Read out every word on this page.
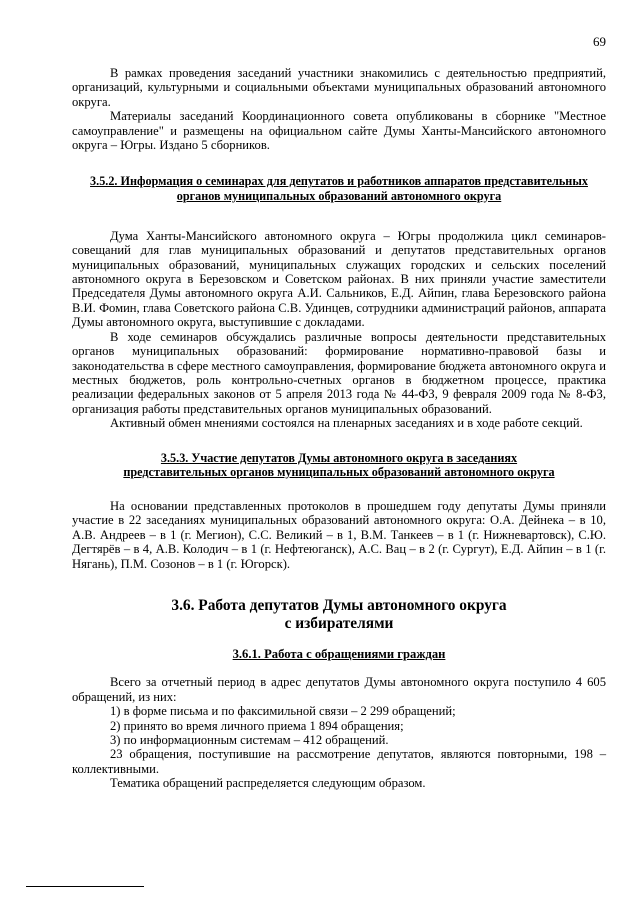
69

В рамках проведения заседаний участники знакомились с деятельностью предприятий, организаций, культурными и социальными объектами муниципальных образований автономного округа.

Материалы заседаний Координационного совета опубликованы в сборнике "Местное самоуправление" и размещены на официальном сайте Думы Ханты-Мансийского автономного округа – Югры. Издано 5 сборников.

3.5.2. Информация о семинарах для депутатов и работников аппаратов представительных
органов муниципальных образований автономного округа

Дума Ханты-Мансийского автономного округа – Югры продолжила цикл семинаров-совещаний для глав муниципальных образований и депутатов представительных органов муниципальных образований, муниципальных служащих городских и сельских поселений автономного округа в Березовском и Советском районах. В них приняли участие заместители Председателя Думы автономного округа А.И. Сальников, Е.Д. Айпин, глава Березовского района В.И. Фомин, глава Советского района С.В. Удинцев, сотрудники администраций районов, аппарата Думы автономного округа, выступившие с докладами.

В ходе семинаров обсуждались различные вопросы деятельности представительных органов муниципальных образований: формирование нормативно-правовой базы и законодательства в сфере местного самоуправления, формирование бюджета автономного округа и местных бюджетов, роль контрольно-счетных органов в бюджетном процессе, практика реализации федеральных законов от 5 апреля 2013 года № 44-ФЗ, 9 февраля 2009 года № 8-ФЗ, организация работы представительных органов муниципальных образований.

Активный обмен мнениями состоялся на пленарных заседаниях и в ходе работе секций.

3.5.3. Участие депутатов Думы автономного округа в заседаниях
представительных органов муниципальных образований автономного округа

На основании представленных протоколов в прошедшем году депутаты Думы приняли участие в 22 заседаниях муниципальных образований автономного округа: О.А. Дейнека – в 10, А.В. Андреев – в 1 (г. Мегион), С.С. Великий – в 1, В.М. Танкеев – в 1 (г. Нижневартовск), С.Ю. Дегтярёв – в 4, А.В. Колодич – в 1 (г. Нефтеюганск), А.С. Вац – в 2 (г. Сургут), Е.Д. Айпин – в 1 (г. Нягань), П.М. Созонов – в 1 (г. Югорск).

3.6. Работа депутатов Думы автономного округа
с избирателями
3.6.1. Работа с обращениями граждан

Всего за отчетный период в адрес депутатов Думы автономного округа поступило 4 605 обращений, из них:

1) в форме письма и по факсимильной связи – 2 299 обращений;

2) принято во время личного приема 1 894 обращения;

3) по информационным системам – 412 обращений.

23 обращения, поступившие на рассмотрение депутатов, являются повторными, 198 – коллективными.

Тематика обращений распределяется следующим образом.
